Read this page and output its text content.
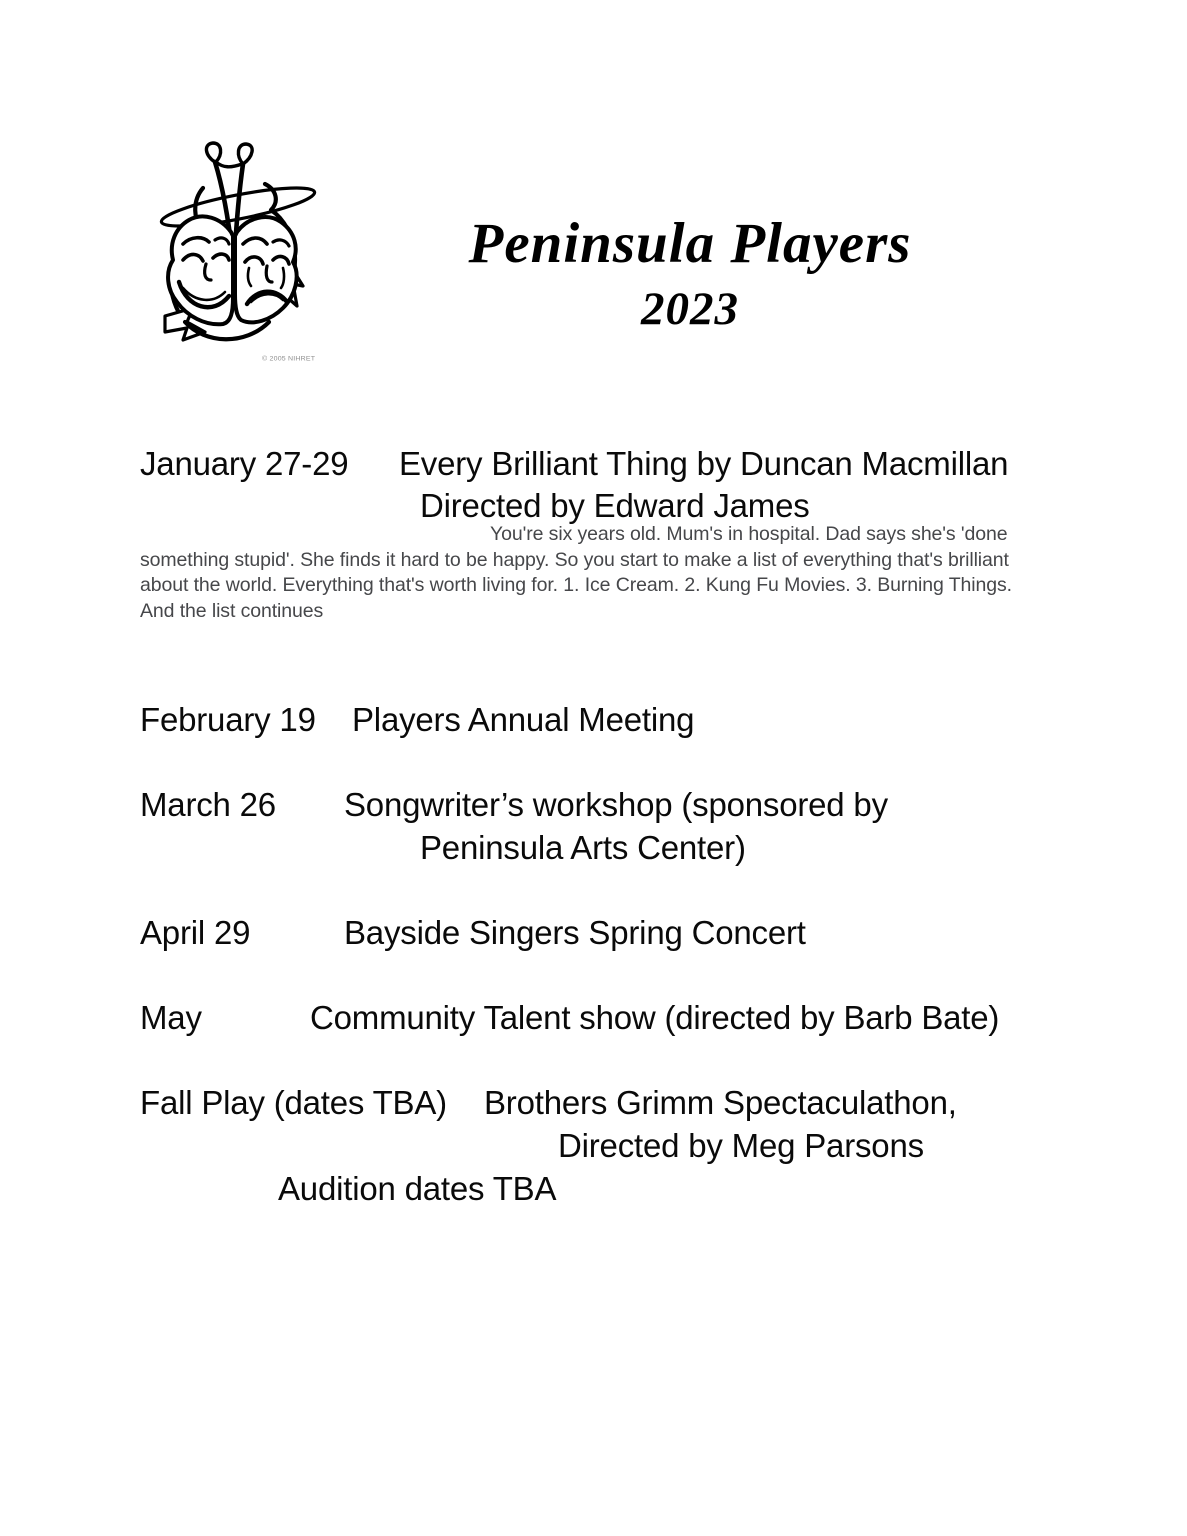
© 2005 NIHRET
Peninsula Players
2023
January 27-29 Every Brilliant Thing by Duncan Macmillan
Directed by Edward James
You're six years old. Mum's in hospital. Dad says she's 'done something stupid'. She finds it hard to be happy. So you start to make a list of everything that's brilliant about the world. Everything that's worth living for. 1. Ice Cream. 2. Kung Fu Movies. 3. Burning Things. And the list continues
February 19 Players Annual Meeting
March 26 Songwriter’s workshop (sponsored by
Peninsula Arts Center)
April 29	Bayside Singers Spring Concert
May	Community Talent show (directed by Barb Bate)
Fall Play (dates TBA) Brothers Grimm Spectaculathon,
Directed by Meg Parsons
Audition dates TBA
